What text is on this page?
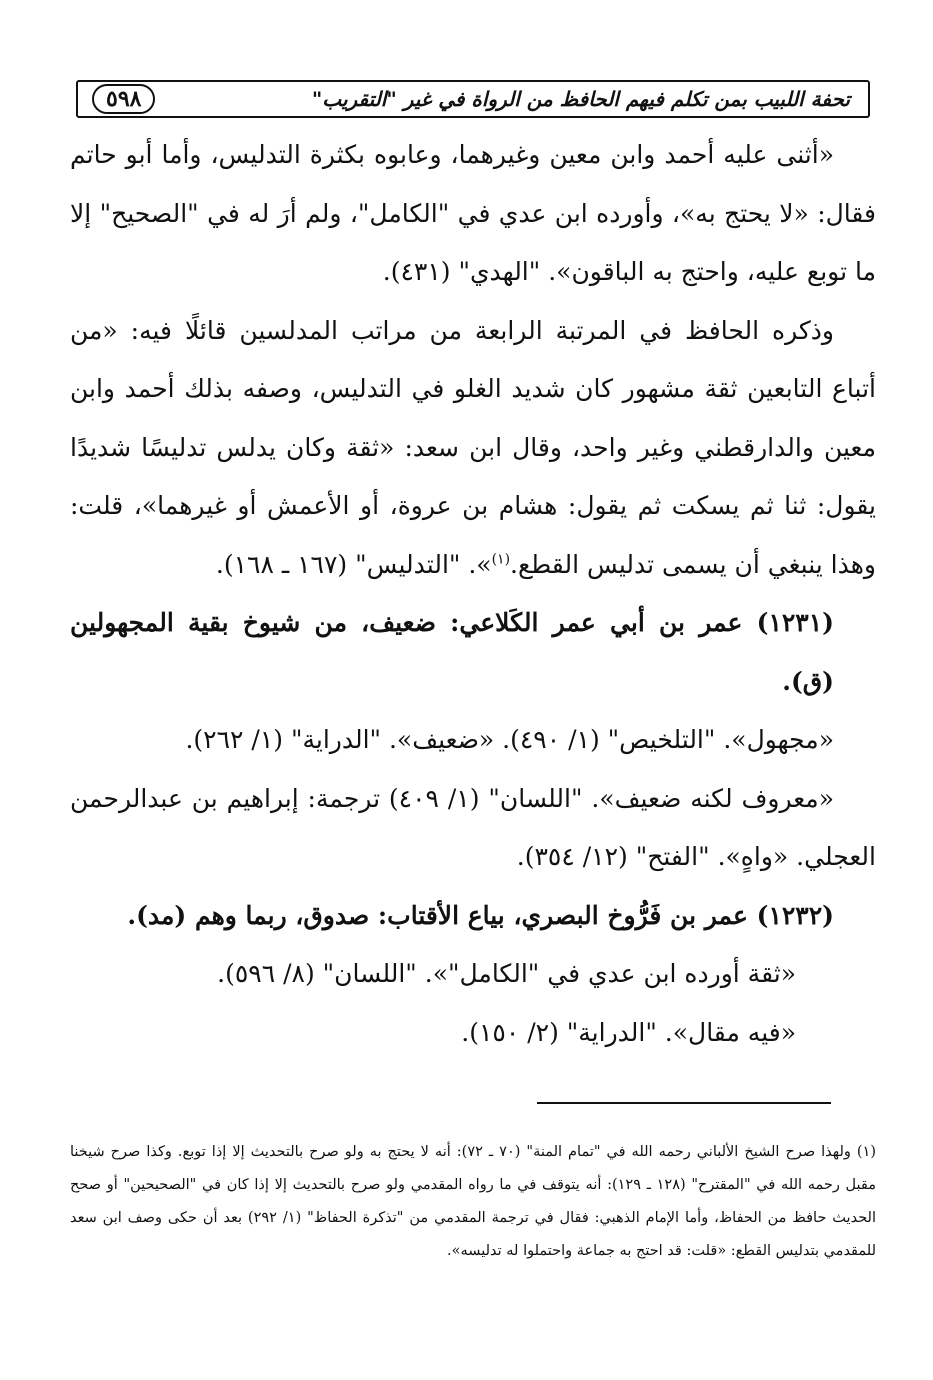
٥٩٨	تحفة اللبيب بمن تكلم فيهم الحافظ من الرواة في غير "التقريب"

«أثنى عليه أحمد وابن معين وغيرهما، وعابوه بكثرة التدليس، وأما أبو حاتم فقال: «لا يحتج به»، وأورده ابن عدي في "الكامل"، ولم أرَ له في "الصحيح" إلا ما توبع عليه، واحتج به الباقون». "الهدي" (٤٣١).

وذكره الحافظ في المرتبة الرابعة من مراتب المدلسين قائلًا فيه: «من أتباع التابعين ثقة مشهور كان شديد الغلو في التدليس، وصفه بذلك أحمد وابن معين والدارقطني وغير واحد، وقال ابن سعد: «ثقة وكان يدلس تدليسًا شديدًا يقول: ثنا ثم يسكت ثم يقول: هشام بن عروة، أو الأعمش أو غيرهما»، قلت: وهذا ينبغي أن يسمى تدليس القطع.$^{(١)}$». "التدليس" (١٦٧ ـ ١٦٨).

(١٢٣١) عمر بن أبي عمر الكَلاعي: ضعيف، من شيوخ بقية المجهولين (ق).

«مجهول». "التلخيص" (١/ ٤٩٠). «ضعيف». "الدراية" (١/ ٢٦٢).

«معروف لكنه ضعيف». "اللسان" (١/ ٤٠٩) ترجمة: إبراهيم بن عبدالرحمن العجلي. «واهٍ». "الفتح" (١٢/ ٣٥٤).

(١٢٣٢) عمر بن فَرُّوخ البصري، بياع الأقتاب: صدوق، ربما وهم (مد).

«ثقة أورده ابن عدي في "الكامل"». "اللسان" (٨/ ٥٩٦).

«فيه مقال». "الدراية" (٢/ ١٥٠).

(١) ولهذا صرح الشيخ الألباني رحمه الله في "تمام المنة" (٧٠ ـ ٧٢): أنه لا يحتج به ولو صرح بالتحديث إلا إذا توبع. وكذا صرح شيخنا مقبل رحمه الله في "المقترح" (١٢٨ ـ ١٢٩): أنه يتوقف في ما رواه المقدمي ولو صرح بالتحديث إلا إذا كان في "الصحيحين" أو صحح الحديث حافظ من الحفاظ، وأما الإمام الذهبي: فقال في ترجمة المقدمي من "تذكرة الحفاظ" (١/ ٢٩٢) بعد أن حكى وصف ابن سعد للمقدمي بتدليس القطع: «قلت: قد احتج به جماعة واحتملوا له تدليسه».
